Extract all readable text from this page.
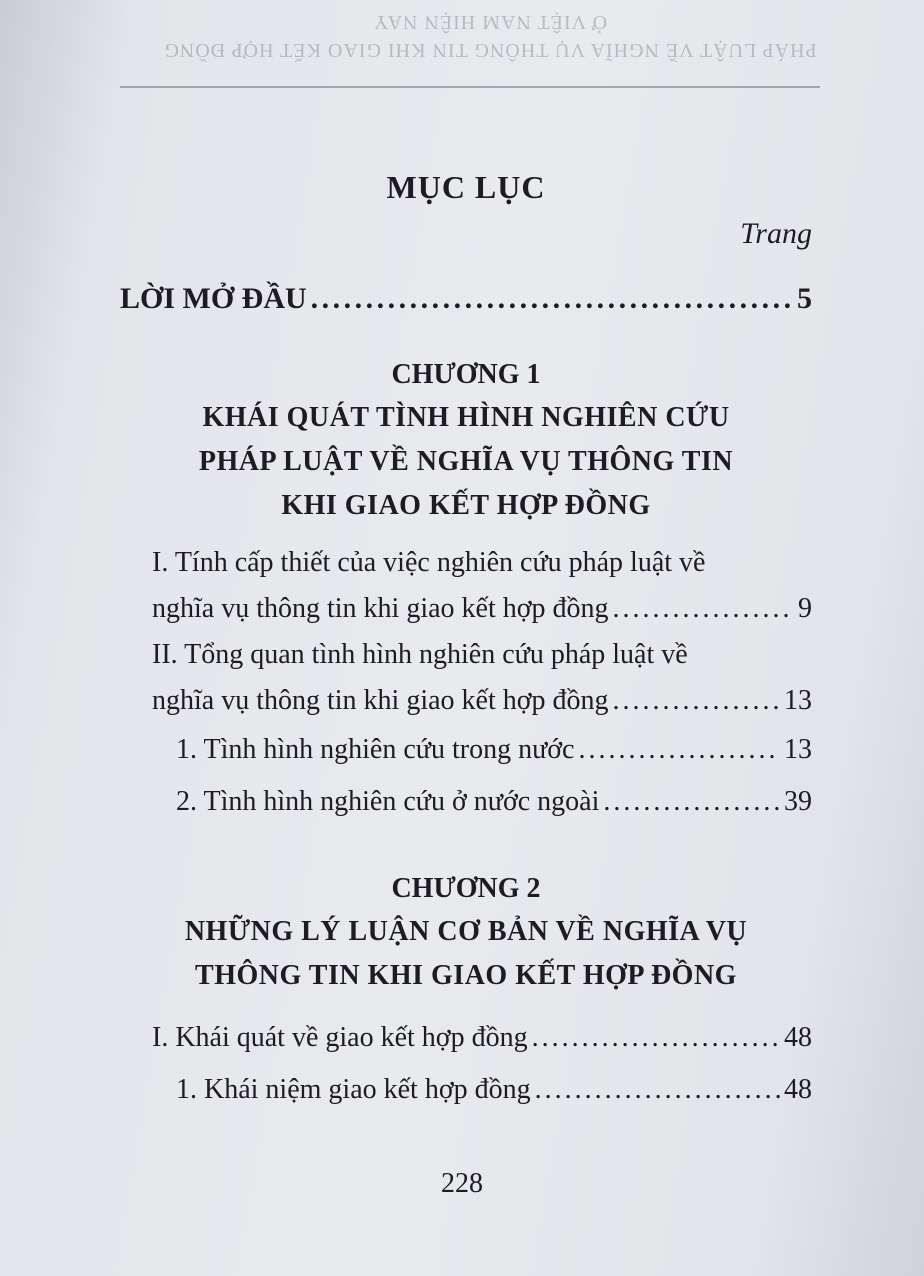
PHÁP LUẬT VỀ NGHĨA VỤ THÔNG TIN KHI GIAO KẾT HỢP ĐỒNG
Ở VIỆT NAM HIỆN NAY
MỤC LỤC
Trang
LỜI MỞ ĐẦU . . .	5
CHƯƠNG 1
KHÁI QUÁT TÌNH HÌNH NGHIÊN CỨU
PHÁP LUẬT VỀ NGHĨA VỤ THÔNG TIN
KHI GIAO KẾT HỢP ĐỒNG
I. Tính cấp thiết của việc nghiên cứu pháp luật về
nghĩa vụ thông tin khi giao kết hợp đồng . . .	9
II. Tổng quan tình hình nghiên cứu pháp luật về
nghĩa vụ thông tin khi giao kết hợp đồng . . .	13
1. Tình hình nghiên cứu trong nước . . .	13
2. Tình hình nghiên cứu ở nước ngoài . . .	39
CHƯƠNG 2
NHỮNG LÝ LUẬN CƠ BẢN VỀ NGHĨA VỤ
THÔNG TIN KHI GIAO KẾT HỢP ĐỒNG
I. Khái quát về giao kết hợp đồng . . .	48
1. Khái niệm giao kết hợp đồng . . .	48
228
